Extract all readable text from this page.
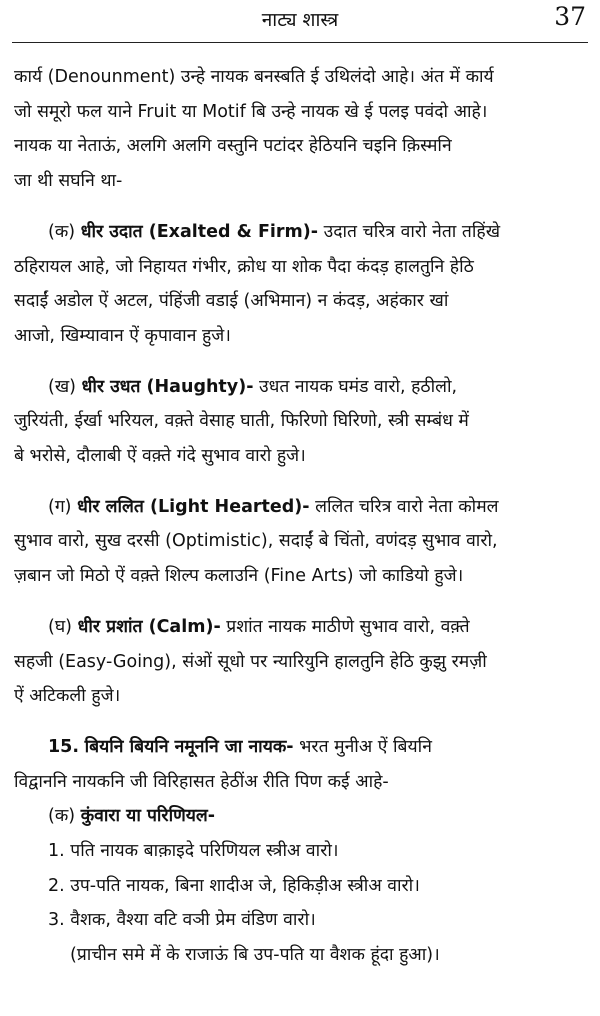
नाट्य शास्त्र	37

कार्य (Denounment) उन्हे नायक बनस्बति ई उथिलंदो आहे। अंत में कार्य

जो समूरो फल याने Fruit या Motif बि उन्हे नायक खे ई पलइ पवंदो आहे।

नायक या नेताऊं, अलगि अलगि वस्तुनि पटांदर हेठियनि चइनि क़िस्मनि

जा थी सघनि था-

(क) धीर उदात (Exalted & Firm)- उदात चरित्र वारो नेता तहिंखे

ठहिरायल आहे, जो निहायत गंभीर, क्रोध या शोक पैदा कंदड़ हालतुनि हेठि

सदाईं अडोल ऐं अटल, पंहिंजी वडाई (अभिमान) न कंदड़, अहंकार खां

आजो, खिम्यावान ऐं कृपावान हुजे।

(ख) धीर उधत (Haughty)- उधत नायक घमंड वारो, हठीलो,

जुरियंती, ईर्खा भरियल, वक़्ते वेसाह घाती, फिरिणो घिरिणो, स्त्री सम्बंध में

बे भरोसे, दौलाबी ऐं वक़्ते गंदे सुभाव वारो हुजे।

(ग) धीर ललित (Light Hearted)- ललित चरित्र वारो नेता कोमल

सुभाव वारो, सुख दरसी (Optimistic), सदाईं बे चिंतो, वणंदड़ सुभाव वारो,

ज़बान जो मिठो ऐं वक़्ते शिल्प कलाउनि (Fine Arts) जो काडियो हुजे।

(घ) धीर प्रशांत (Calm)- प्रशांत नायक माठीणे सुभाव वारो, वक़्ते

सहजी (Easy-Going), संओं सूधो पर न्यारियुनि हालतुनि हेठि कुझु रमज़ी

ऐं अटिकली हुजे।

15. बियनि बियनि नमूननि जा नायक- भरत मुनीअ ऐं बियनि

विद्वाननि नायकनि जी विरिहासत हेठींअ रीति पिण कई आहे-

(क) कुंवारा या परिणियल-

1. पति नायक बाक़ाइदे परिणियल स्त्रीअ वारो।

2. उप-पति नायक, बिना शादीअ जे, हिकिड़ीअ स्त्रीअ वारो।

3. वैशक, वैश्या वटि वञी प्रेम वंडिण वारो।

(प्राचीन समे में के राजाऊं बि उप-पति या वैशक हूंदा हुआ)।
